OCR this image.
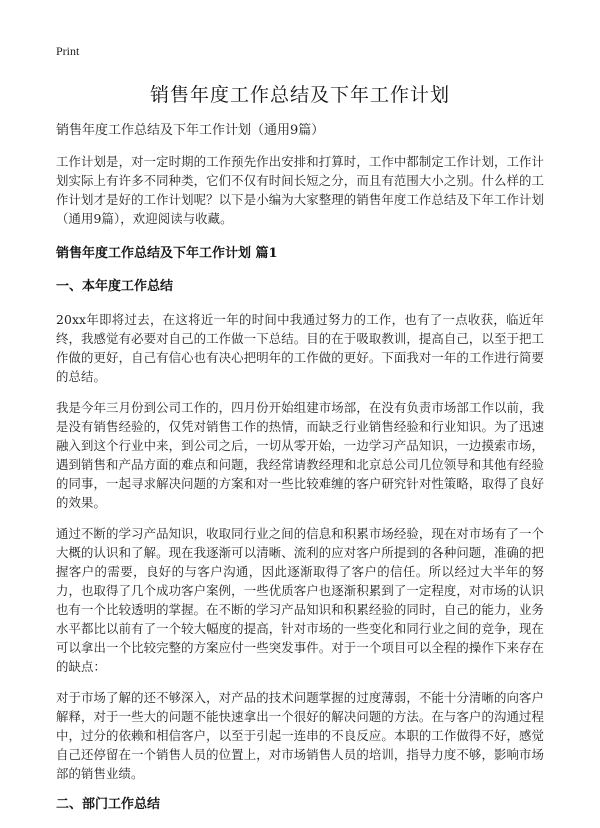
Print
销售年度工作总结及下年工作计划

销售年度工作总结及下年工作计划（通用9篇）

工作计划是，对一定时期的工作预先作出安排和打算时，工作中都制定工作计划，工作计划实际上有许多不同种类，它们不仅有时间长短之分，而且有范围大小之别。什么样的工作计划才是好的工作计划呢？以下是小编为大家整理的销售年度工作总结及下年工作计划（通用9篇），欢迎阅读与收藏。

销售年度工作总结及下年工作计划 篇1

一、本年度工作总结

20xx年即将过去，在这将近一年的时间中我通过努力的工作，也有了一点收获，临近年终，我感觉有必要对自己的工作做一下总结。目的在于吸取教训，提高自己，以至于把工作做的更好，自己有信心也有决心把明年的工作做的更好。下面我对一年的工作进行简要的总结。

我是今年三月份到公司工作的，四月份开始组建市场部，在没有负责市场部工作以前，我是没有销售经验的，仅凭对销售工作的热情，而缺乏行业销售经验和行业知识。为了迅速融入到这个行业中来，到公司之后，一切从零开始，一边学习产品知识，一边摸索市场，遇到销售和产品方面的难点和问题，我经常请教经理和北京总公司几位领导和其他有经验的同事，一起寻求解决问题的方案和对一些比较难缠的客户研究针对性策略，取得了良好的效果。

通过不断的学习产品知识，收取同行业之间的信息和积累市场经验，现在对市场有了一个大概的认识和了解。现在我逐渐可以清晰、流利的应对客户所提到的各种问题，准确的把握客户的需要，良好的与客户沟通，因此逐渐取得了客户的信任。所以经过大半年的努力，也取得了几个成功客户案例，一些优质客户也逐渐积累到了一定程度，对市场的认识也有一个比较透明的掌握。在不断的学习产品知识和积累经验的同时，自己的能力，业务水平都比以前有了一个较大幅度的提高，针对市场的一些变化和同行业之间的竞争，现在可以拿出一个比较完整的方案应付一些突发事件。对于一个项目可以全程的操作下来存在的缺点：

对于市场了解的还不够深入，对产品的技术问题掌握的过度薄弱，不能十分清晰的向客户解释，对于一些大的问题不能快速拿出一个很好的解决问题的方法。在与客户的沟通过程中，过分的依赖和相信客户，以至于引起一连串的不良反应。本职的工作做得不好，感觉自己还停留在一个销售人员的位置上，对市场销售人员的培训，指导力度不够，影响市场部的销售业绩。

二、部门工作总结
